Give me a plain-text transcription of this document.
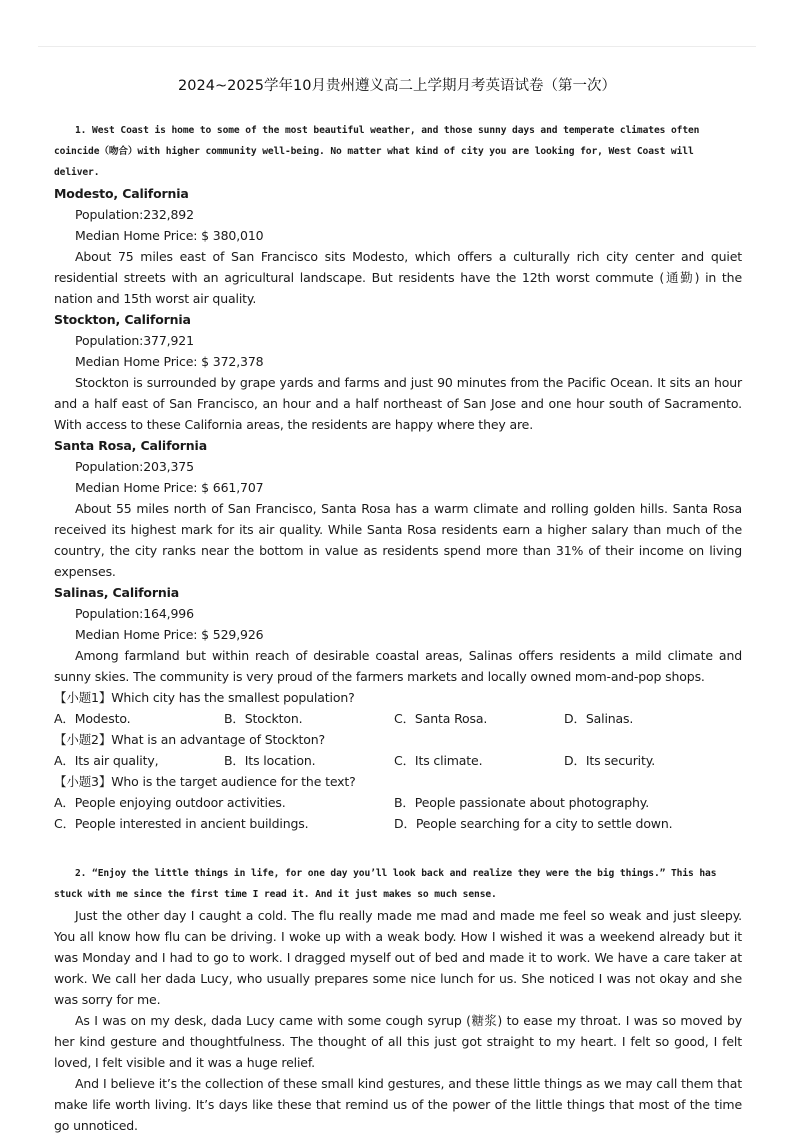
2024~2025学年10月贵州遵义高二上学期月考英语试卷（第一次）

1. West Coast is home to some of the most beautiful weather, and those sunny days and temperate climates often coincide（吻合）with higher community well-being. No matter what kind of city you are looking for, West Coast will deliver.

Modesto, California

Population:232,892

Median Home Price: $ 380,010

About 75 miles east of San Francisco sits Modesto, which offers a culturally rich city center and quiet residential streets with an agricultural landscape. But residents have the 12th worst commute (通勤) in the nation and 15th worst air quality.

Stockton, California

Population:377,921

Median Home Price: $ 372,378

Stockton is surrounded by grape yards and farms and just 90 minutes from the Pacific Ocean. It sits an hour and a half east of San Francisco, an hour and a half northeast of San Jose and one hour south of Sacramento. With access to these California areas, the residents are happy where they are.

Santa Rosa, California

Population:203,375

Median Home Price: $ 661,707

About 55 miles north of San Francisco, Santa Rosa has a warm climate and rolling golden hills. Santa Rosa received its highest mark for its air quality. While Santa Rosa residents earn a higher salary than much of the country, the city ranks near the bottom in value as residents spend more than 31% of their income on living expenses.

Salinas, California

Population:164,996

Median Home Price: $ 529,926

Among farmland but within reach of desirable coastal areas, Salinas offers residents a mild climate and sunny skies. The community is very proud of the farmers markets and locally owned mom-and-pop shops.

【小题1】Which city has the smallest population?

A．Modesto.	B．Stockton.	C．Santa Rosa.	D．Salinas.

【小题2】What is an advantage of Stockton?

A．Its air quality,	B．Its location.	C．Its climate.	D．Its security.

【小题3】Who is the target audience for the text?

A．People enjoying outdoor activities.	B．People passionate about photography.
C．People interested in ancient buildings.	D．People searching for a city to settle down.

2. “Enjoy the little things in life, for one day you’ll look back and realize they were the big things.” This has stuck with me since the first time I read it. And it just makes so much sense.

Just the other day I caught a cold. The flu really made me mad and made me feel so weak and just sleepy. You all know how flu can be driving. I woke up with a weak body. How I wished it was a weekend already but it was Monday and I had to go to work. I dragged myself out of bed and made it to work. We have a care taker at work. We call her dada Lucy, who usually prepares some nice lunch for us. She noticed I was not okay and she was sorry for me.

As I was on my desk, dada Lucy came with some cough syrup (糖浆) to ease my throat. I was so moved by her kind gesture and thoughtfulness. The thought of all this just got straight to my heart. I felt so good, I felt loved, I felt visible and it was a huge relief.

And I believe it’s the collection of these small kind gestures, and these little things as we may call them that make life worth living. It’s days like these that remind us of the power of the little things that most of the time go unnoticed.
